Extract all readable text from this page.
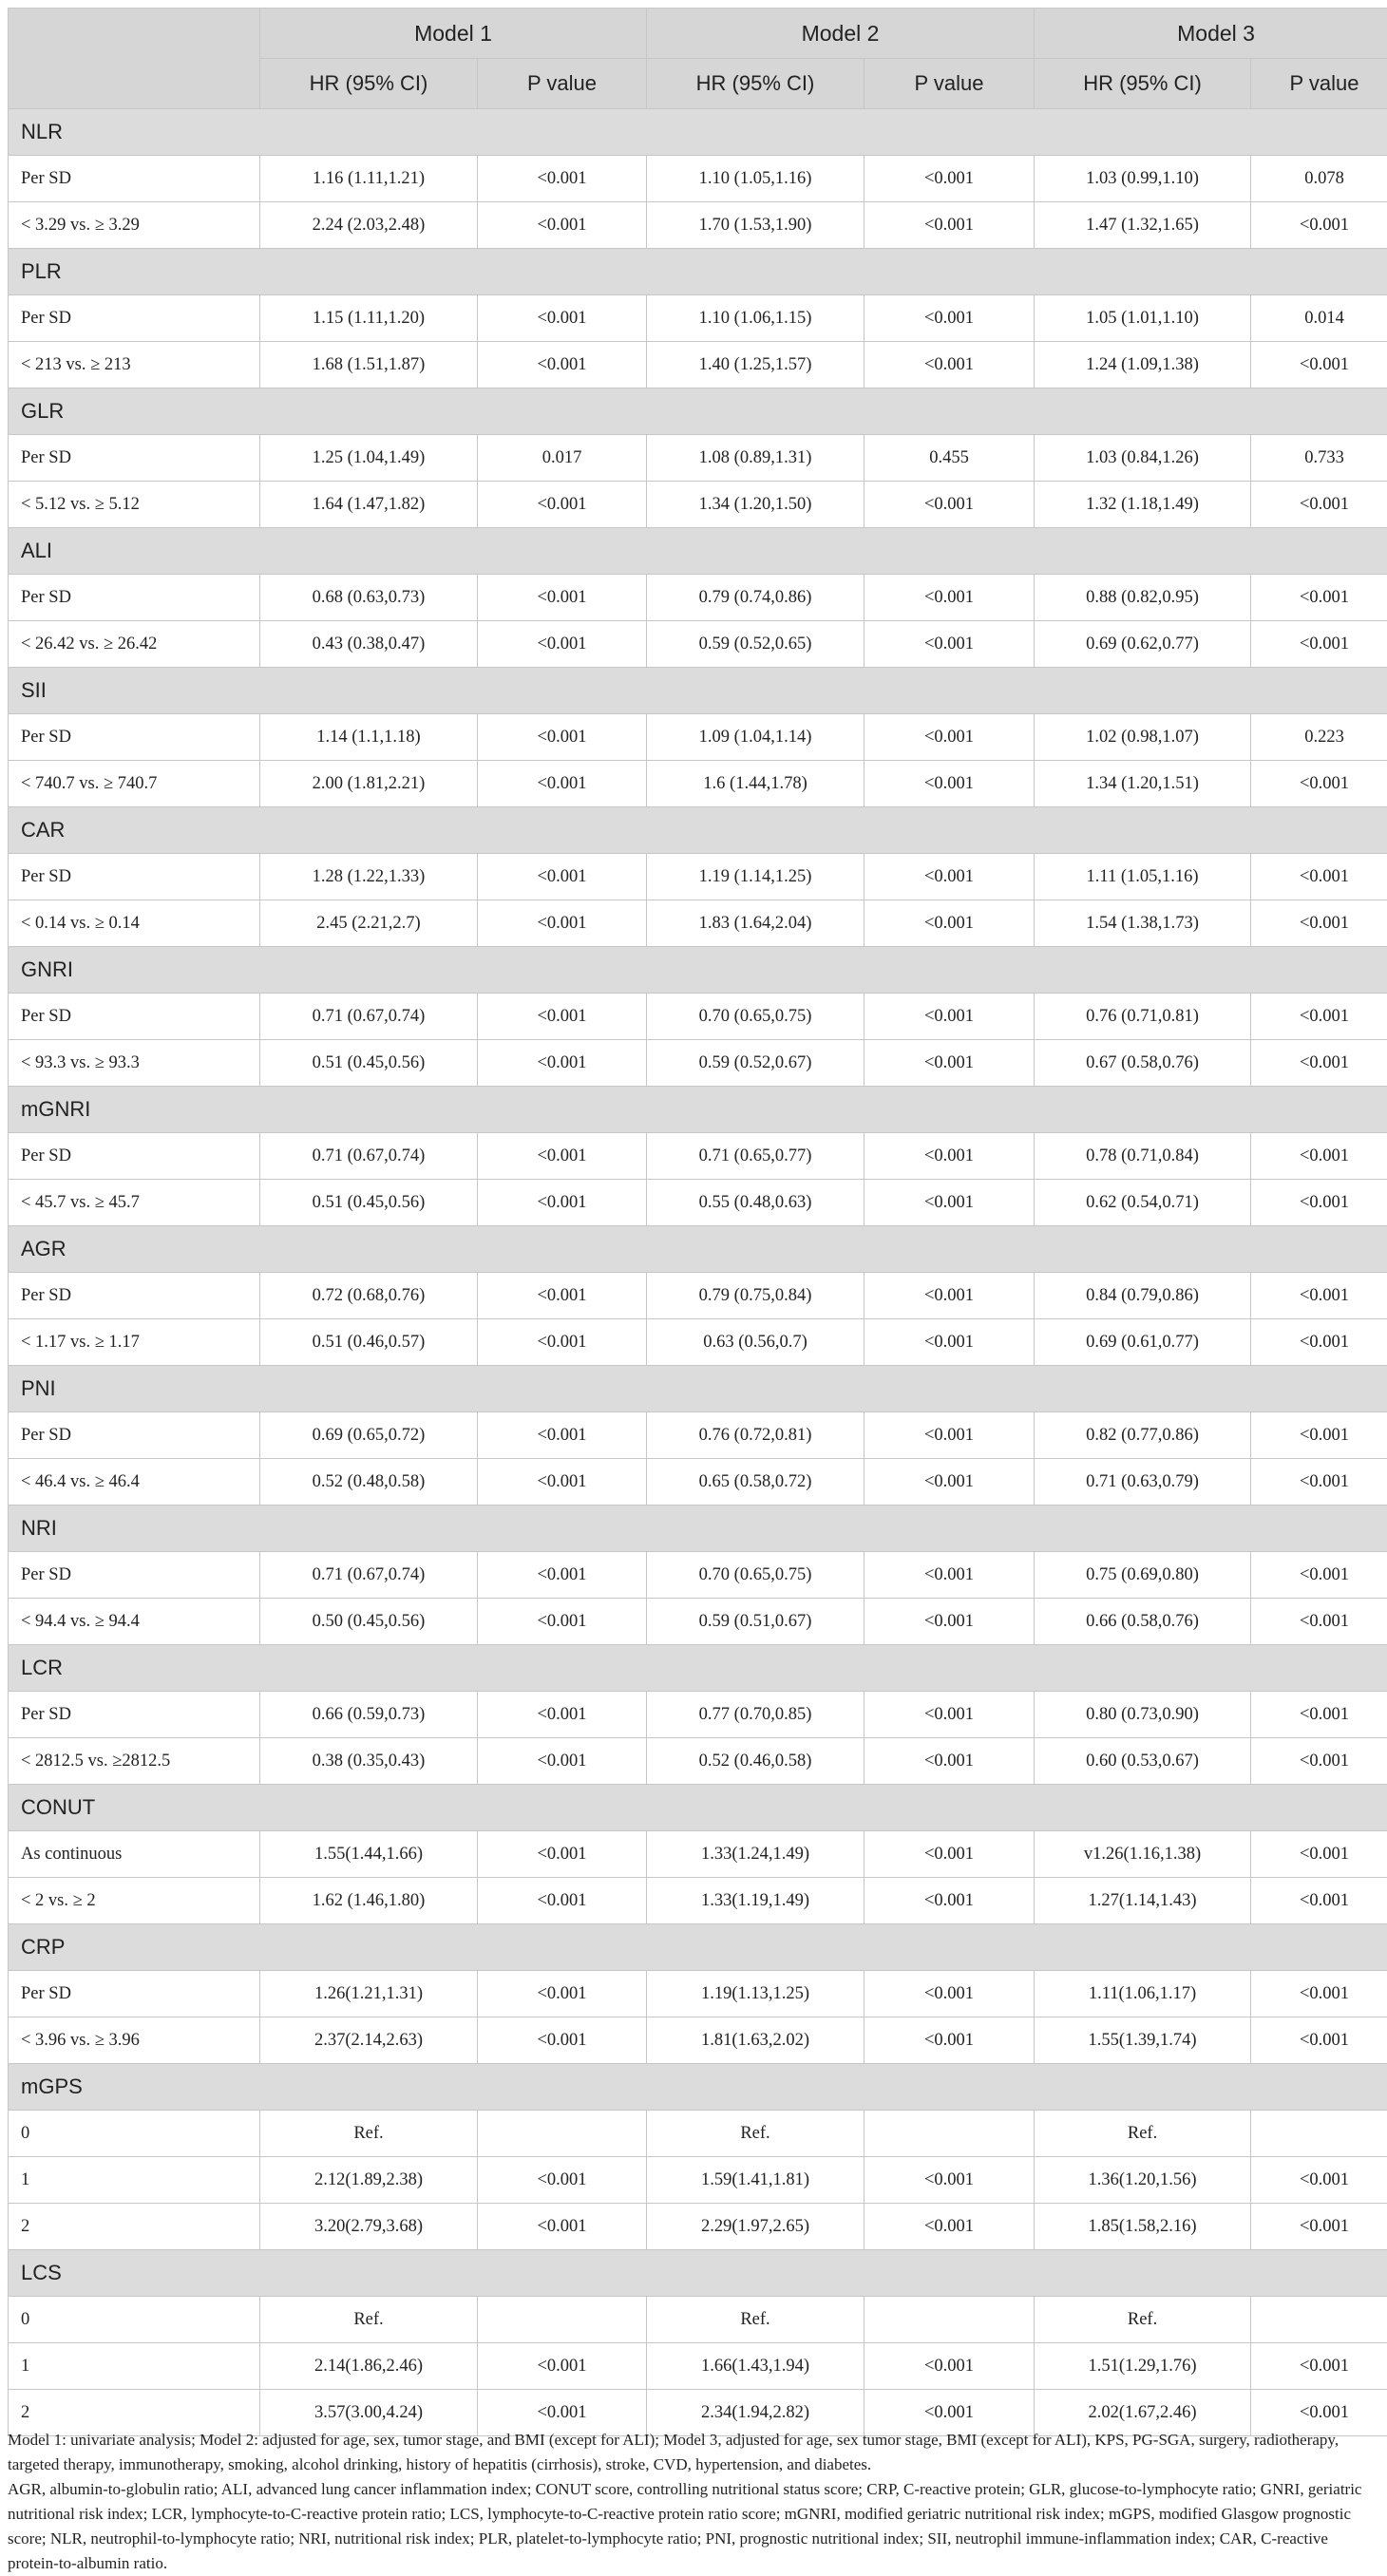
	Model 1		Model 2		Model 3	
	HR (95% CI)	P value	HR (95% CI)	P value	HR (95% CI)	P value
NLR						
Per SD	1.16 (1.11,1.21)	<0.001	1.10 (1.05,1.16)	<0.001	1.03 (0.99,1.10)	0.078
< 3.29 vs. ≥ 3.29	2.24 (2.03,2.48)	<0.001	1.70 (1.53,1.90)	<0.001	1.47 (1.32,1.65)	<0.001
PLR						
Per SD	1.15 (1.11,1.20)	<0.001	1.10 (1.06,1.15)	<0.001	1.05 (1.01,1.10)	0.014
< 213 vs. ≥ 213	1.68 (1.51,1.87)	<0.001	1.40 (1.25,1.57)	<0.001	1.24 (1.09,1.38)	<0.001
GLR						
Per SD	1.25 (1.04,1.49)	0.017	1.08 (0.89,1.31)	0.455	1.03 (0.84,1.26)	0.733
< 5.12 vs. ≥ 5.12	1.64 (1.47,1.82)	<0.001	1.34 (1.20,1.50)	<0.001	1.32 (1.18,1.49)	<0.001
ALI						
Per SD	0.68 (0.63,0.73)	<0.001	0.79 (0.74,0.86)	<0.001	0.88 (0.82,0.95)	<0.001
< 26.42 vs. ≥ 26.42	0.43 (0.38,0.47)	<0.001	0.59 (0.52,0.65)	<0.001	0.69 (0.62,0.77)	<0.001
SII						
Per SD	1.14 (1.1,1.18)	<0.001	1.09 (1.04,1.14)	<0.001	1.02 (0.98,1.07)	0.223
< 740.7 vs. ≥ 740.7	2.00 (1.81,2.21)	<0.001	1.6 (1.44,1.78)	<0.001	1.34 (1.20,1.51)	<0.001
CAR						
Per SD	1.28 (1.22,1.33)	<0.001	1.19 (1.14,1.25)	<0.001	1.11 (1.05,1.16)	<0.001
< 0.14 vs. ≥ 0.14	2.45 (2.21,2.7)	<0.001	1.83 (1.64,2.04)	<0.001	1.54 (1.38,1.73)	<0.001
GNRI						
Per SD	0.71 (0.67,0.74)	<0.001	0.70 (0.65,0.75)	<0.001	0.76 (0.71,0.81)	<0.001
< 93.3 vs. ≥ 93.3	0.51 (0.45,0.56)	<0.001	0.59 (0.52,0.67)	<0.001	0.67 (0.58,0.76)	<0.001
mGNRI						
Per SD	0.71 (0.67,0.74)	<0.001	0.71 (0.65,0.77)	<0.001	0.78 (0.71,0.84)	<0.001
< 45.7 vs. ≥ 45.7	0.51 (0.45,0.56)	<0.001	0.55 (0.48,0.63)	<0.001	0.62 (0.54,0.71)	<0.001
AGR						
Per SD	0.72 (0.68,0.76)	<0.001	0.79 (0.75,0.84)	<0.001	0.84 (0.79,0.86)	<0.001
< 1.17 vs. ≥ 1.17	0.51 (0.46,0.57)	<0.001	0.63 (0.56,0.7)	<0.001	0.69 (0.61,0.77)	<0.001
PNI						
Per SD	0.69 (0.65,0.72)	<0.001	0.76 (0.72,0.81)	<0.001	0.82 (0.77,0.86)	<0.001
< 46.4 vs. ≥ 46.4	0.52 (0.48,0.58)	<0.001	0.65 (0.58,0.72)	<0.001	0.71 (0.63,0.79)	<0.001
NRI						
Per SD	0.71 (0.67,0.74)	<0.001	0.70 (0.65,0.75)	<0.001	0.75 (0.69,0.80)	<0.001
< 94.4 vs. ≥ 94.4	0.50 (0.45,0.56)	<0.001	0.59 (0.51,0.67)	<0.001	0.66 (0.58,0.76)	<0.001
LCR						
Per SD	0.66 (0.59,0.73)	<0.001	0.77 (0.70,0.85)	<0.001	0.80 (0.73,0.90)	<0.001
< 2812.5 vs. ≥2812.5	0.38 (0.35,0.43)	<0.001	0.52 (0.46,0.58)	<0.001	0.60 (0.53,0.67)	<0.001
CONUT						
As continuous	1.55(1.44,1.66)	<0.001	1.33(1.24,1.49)	<0.001	v1.26(1.16,1.38)	<0.001
< 2 vs. ≥ 2	1.62 (1.46,1.80)	<0.001	1.33(1.19,1.49)	<0.001	1.27(1.14,1.43)	<0.001
CRP						
Per SD	1.26(1.21,1.31)	<0.001	1.19(1.13,1.25)	<0.001	1.11(1.06,1.17)	<0.001
< 3.96 vs. ≥ 3.96	2.37(2.14,2.63)	<0.001	1.81(1.63,2.02)	<0.001	1.55(1.39,1.74)	<0.001
mGPS						
0	Ref.		Ref.		Ref.	
1	2.12(1.89,2.38)	<0.001	1.59(1.41,1.81)	<0.001	1.36(1.20,1.56)	<0.001
2	3.20(2.79,3.68)	<0.001	2.29(1.97,2.65)	<0.001	1.85(1.58,2.16)	<0.001
LCS						
0	Ref.		Ref.		Ref.	
1	2.14(1.86,2.46)	<0.001	1.66(1.43,1.94)	<0.001	1.51(1.29,1.76)	<0.001
2	3.57(3.00,4.24)	<0.001	2.34(1.94,2.82)	<0.001	2.02(1.67,2.46)	<0.001

Model 1: univariate analysis; Model 2: adjusted for age, sex, tumor stage, and BMI (except for ALI); Model 3, adjusted for age, sex tumor stage, BMI (except for ALI), KPS, PG-SGA, surgery, radiotherapy, targeted therapy, immunotherapy, smoking, alcohol drinking, history of hepatitis (cirrhosis), stroke, CVD, hypertension, and diabetes.

AGR, albumin-to-globulin ratio; ALI, advanced lung cancer inflammation index; CONUT score, controlling nutritional status score; CRP, C-reactive protein; GLR, glucose-to-lymphocyte ratio; GNRI, geriatric nutritional risk index; LCR, lymphocyte-to-C-reactive protein ratio; LCS, lymphocyte-to-C-reactive protein ratio score; mGNRI, modified geriatric nutritional risk index; mGPS, modified Glasgow prognostic score; NLR, neutrophil-to-lymphocyte ratio; NRI, nutritional risk index; PLR, platelet-to-lymphocyte ratio; PNI, prognostic nutritional index; SII, neutrophil immune-inflammation index; CAR, C-reactive protein-to-albumin ratio.
